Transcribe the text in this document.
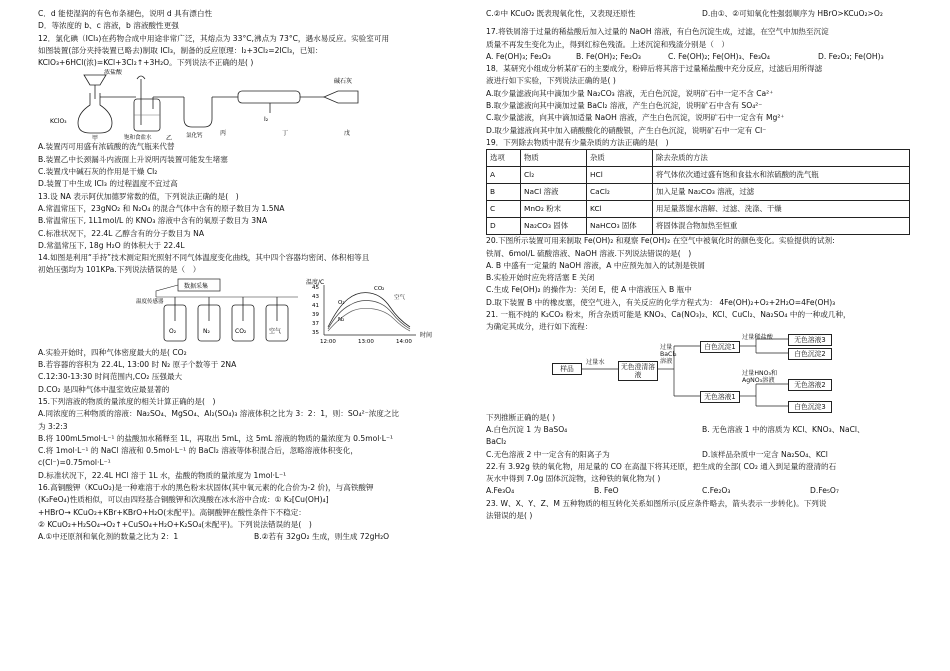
C．d 能使湿润的有色布条褪色，说明 d 具有漂白性
D．等浓度的 b、c 溶液，b 溶液酸性更强
12．氯化碘（ICl₃)在药物合成中用途非常广泛，其熔点为 33°C,沸点为 73°C，遇水易反应。实验室可用
如图装置(部分夹持装置已略去)制取 ICl₃，制备的反应原理：I₂+3Cl₂=2ICl₃，已知：
KClO₃+6HCl(浓)=KCl+3Cl₂↑+3H₂O。下列说法不正确的是( )
浓盐酸
KClO₃
饱和食盐水	氯化钙
I₂
碱石灰
甲	乙
丙	丁	戊
A.装置丙可用盛有浓硫酸的洗气瓶来代替
B.装置乙中长颈漏斗内液面上升说明丙装置可能发生堵塞
C.装置戊中碱石灰的作用是干燥 Cl₂
D.装置丁中生成 ICl₃ 的过程温度不宜过高
13.设 NA 表示阿伏加德罗常数的值，下列说法正确的是(　)
A.常温常压下，23gNO₂ 和 N₂O₄ 的混合气体中含有的原子数目为 1.5NA
B.常温常压下, 1L1mol/L 的 KNO₃ 溶液中含有的氧原子数目为 3NA
C.标准状况下，22.4L 乙醇含有的分子数目为 NA
D.常温常压下, 18g H₂O 的体积大于 22.4L
14.如图是利用“手持”技术测定阳光照射不同气体温度变化曲线，其中四个容器均密闭、体积相等且
初始压强均为 101KPa.下列说法错误的是（　）
数据采集
温度传感器
O₂	N₂	CO₂	空气
温度/C
45
43
41
39
37
35
12:00	13:00	14:00
时间
CO₂
空气
O₂
N₂
A.实验开始时，四种气体密度最大的是( CO₂
B.若容器的容积为 22.4L, 13:00 时 N₂ 原子个数等于 2NA
C.12:30-13:30 时间范围内,CO₂ 压强最大
D.CO₂ 是四种气体中温室效应最显著的
15.下列溶液的物质的量浓度的相关计算正确的是(　)
A.同浓度的三种物质的溶液：Na₂SO₄、MgSO₄、Al₂(SO₄)₃ 溶液体积之比为 3：2：1，则：SO₄²⁻浓度之比
为 3:2:3
B.将 100mL5mol·L⁻¹ 的盐酸加水稀释至 1L，再取出 5mL，这 5mL 溶液的物质的量浓度为 0.5mol·L⁻¹
C.将 1mol·L⁻¹ 的 NaCl 溶液和 0.5mol·L⁻¹ 的 BaCl₂ 溶液等体积混合后，忽略溶液体积变化，
c(Cl⁻)=0.75mol·L⁻¹
D.标准状况下，22.4L HCl 溶于 1L 水，盐酸的物质的量浓度为 1mol·L⁻¹
16.高铜酸钾（KCuO₂)是一种难溶于水的黑色粉末状固体(其中氧元素的化合价为-2 价)，与高铁酸钾
(K₂FeO₄)性质相似，可以由四羟基合铜酸钾和次溴酸在冰水浴中合成：① K₂[Cu(OH)₄]
+HBrO→ KCuO₂+KBr+KBrO+H₂O(未配平)。高铜酸钾在酸性条件下不稳定：
② KCuO₂+H₂SO₄→O₂↑+CuSO₄+H₂O+K₂SO₄(未配平)。下列说法错误的是(　)
A.①中还原剂和氧化剂的数量之比为 2：1	B.②若有 32gO₂ 生成，则生成 72gH₂O
C.②中 KCuO₂ 既表现氧化性，又表现还原性	D.由①、②可知氧化性强弱顺序为 HBrO>KCuO₂>O₂
17.将铁屑溶于过量的稀盐酸后加入过量的 NaOH 溶液，有白色沉淀生成，过滤，在空气中加热至沉淀
质量不再发生变化为止，得到红棕色残渣。上述沉淀和残渣分别是（　）
A. Fe(OH)₃; Fe₂O₃	B. Fe(OH)₂; Fe₂O₃	C. Fe(OH)₂; Fe(OH)₃、Fe₃O₄	D. Fe₂O₃; Fe(OH)₃
18．某研究小组成分析某矿石的主要成分，粉碎后将其溶于过量稀盐酸中充分反应，过滤后用所得滤
液进行如下实验，下列说法正确的是( )
A.取少量滤液向其中滴加少量 Na₂CO₃ 溶液，无白色沉淀，说明矿石中一定不含 Ca²⁺
B.取少量滤液向其中滴加过量 BaCl₂ 溶液，产生白色沉淀，说明矿石中含有 SO₄²⁻
C.取少量滤液，向其中滴加适量 NaOH 溶液，产生白色沉淀，说明矿石中一定含有 Mg²⁺
D.取少量滤液向其中加入硝酸酸化的硝酸银，产生白色沉淀，说明矿石中一定有 Cl⁻
19．下列除去物质中混有少量杂质的方法正确的是(　)
选项	物质	杂质	除去杂质的方法
A	Cl₂	HCl	将气体依次通过盛有饱和食盐水和浓硫酸的洗气瓶
B	NaCl 溶液	CaCl₂	加入足量 Na₂CO₃ 溶液，过滤
C	MnO₂ 粉末	KCl	用足量蒸馏水溶解、过滤、洗涤、干燥
D	Na₂CO₃ 固体	NaHCO₃ 固体	将固体混合物加热至恒重
20.下图所示装置可用来制取 Fe(OH)₂ 和观察 Fe(OH)₂ 在空气中被氧化时的颜色变化。实验提供的试剂:
铁屑、6mol/L 硫酸溶液、NaOH 溶液.下列说法错误的是(　)
A. B 中盛有一定量的 NaOH 溶液，A 中应预先加入的试剂是铁屑
B.实验开始时应先将活塞 E 关闭
C.生成 Fe(OH)₂ 的操作为：关闭 E，使 A 中溶液压入 B 瓶中
D.取下装置 B 中的橡皮塞，使空气进入，有关反应的化学方程式为： 4Fe(OH)₂+O₂+2H₂O=4Fe(OH)₃
21. 一瓶不纯的 K₂CO₃ 粉末，所含杂质可能是 KNO₃、Ca(NO₃)₂、KCl、CuCl₂、Na₂SO₄ 中的一种或几种，
为确定其成分，进行如下流程：
样品
过量水
无色澄清溶液
过量BaCl₂溶液
白色沉淀1
过量稀盐酸	无色溶液3
白色沉淀2
无色溶液1
过量HNO₃和AgNO₃溶液
无色溶液2
白色沉淀3
下列推断正确的是( )
A.白色沉淀 1 为 BaSO₄	B. 无色溶液 1 中的溶质为 KCl、KNO₃、NaCl、
BaCl₂
C.无色溶液 2 中一定含有的阳离子为	D.该样品杂质中一定含 Na₂SO₄、KCl
22.有 3.92g 铁的氧化物，用足量的 CO 在高温下将其还原，把生成的全部( CO₂ 通入到足量的澄清的石
灰水中得到 7.0g 固体沉淀物，这种铁的氧化物为( )
A.Fe₃O₄	B. FeO	C.Fe₂O₃	D.Fe₅O₇
23. W、X、Y、Z、M 五种物质的相互转化关系如图所示(反应条件略去，箭头表示一步转化)。下列说
法错误的是( )
